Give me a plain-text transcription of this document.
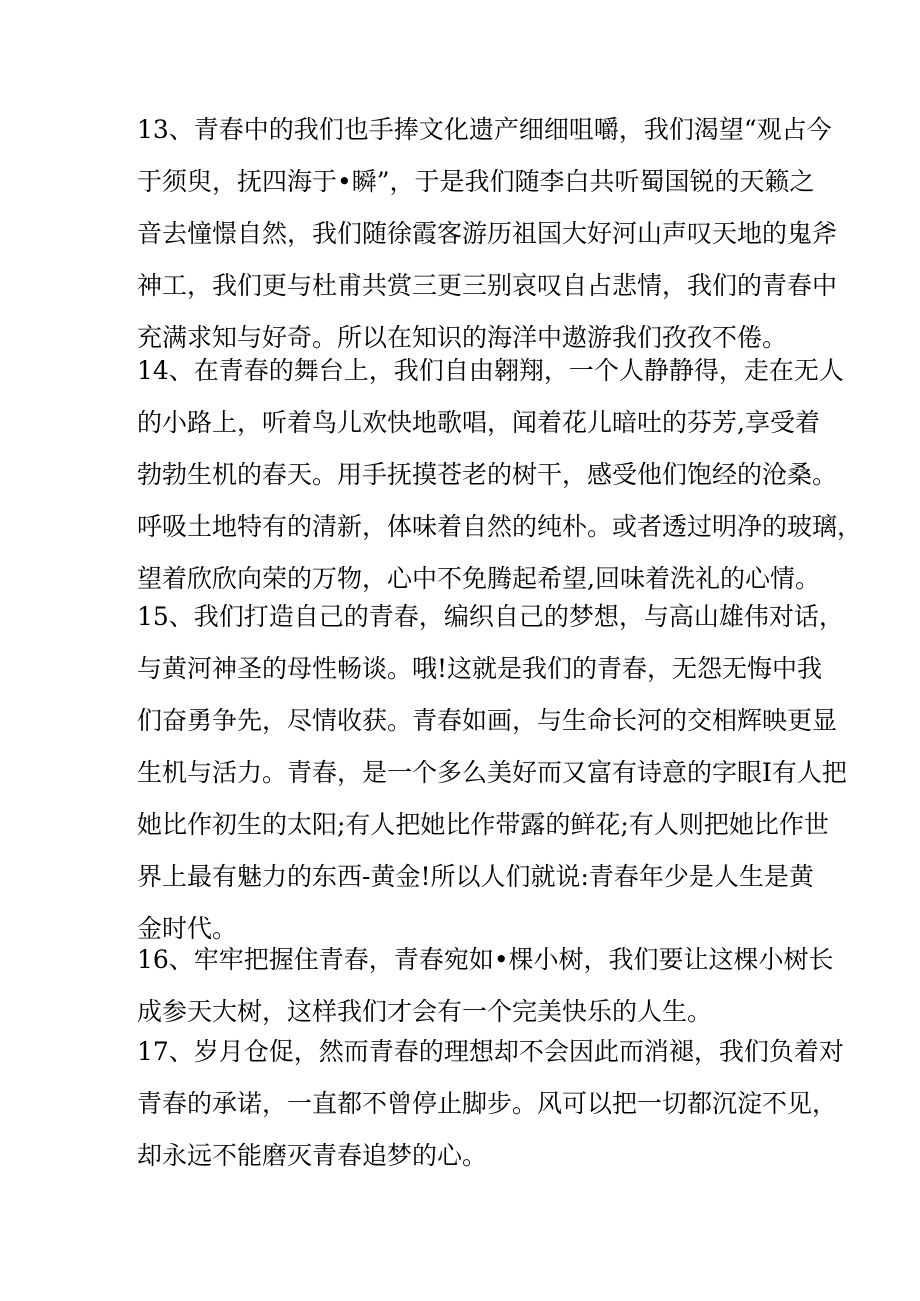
13、青春中的我们也手捧文化遗产细细咀嚼，我们渴望“观占今
于须臾，抚四海于•瞬”，于是我们随李白共听蜀国锐的天籁之
音去憧憬自然，我们随徐霞客游历祖国大好河山声叹天地的鬼斧
神工，我们更与杜甫共赏三更三别哀叹自占悲情，我们的青春中
充满求知与好奇。所以在知识的海洋中遨游我们孜孜不倦。
14、在青春的舞台上，我们自由翱翔，一个人静静得，走在无人
的小路上，听着鸟儿欢快地歌唱，闻着花儿暗吐的芬芳,享受着
勃勃生机的春天。用手抚摸苍老的树干，感受他们饱经的沧桑。
呼吸土地特有的清新，体味着自然的纯朴。或者透过明净的玻璃，
望着欣欣向荣的万物，心中不免腾起希望,回味着洗礼的心情。
15、我们打造自己的青春，编织自己的梦想，与高山雄伟对话，
与黄河神圣的母性畅谈。哦!这就是我们的青春，无怨无悔中我
们奋勇争先，尽情收获。青春如画，与生命长河的交相辉映更显
生机与活力。青春，是一个多么美好而又富有诗意的字眼I有人把
她比作初生的太阳;有人把她比作带露的鲜花;有人则把她比作世
界上最有魅力的东西-黄金!所以人们就说:青春年少是人生是黄
金时代。
16、牢牢把握住青春，青春宛如•棵小树，我们要让这棵小树长
成参天大树，这样我们才会有一个完美快乐的人生。
17、岁月仓促，然而青春的理想却不会因此而消褪，我们负着对
青春的承诺，一直都不曾停止脚步。风可以把一切都沉淀不见，
却永远不能磨灭青春追梦的心。
